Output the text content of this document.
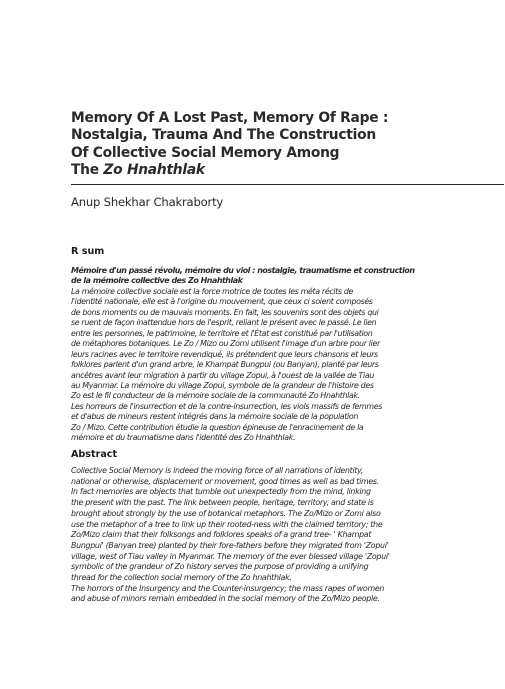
Memory Of A Lost Past, Memory Of Rape :
Nostalgia, Trauma And The Construction
Of Collective Social Memory Among
The Zo Hnahthlak
Anup Shekhar Chakraborty
R sum
Mémoire d'un passé révolu, mémoire du viol : nostalgie, traumatisme et construction
de la mémoire collective des Zo Hnahthlak
La mémoire collective sociale est la force motrice de toutes les méta récits de
l'identité nationale, elle est à l'origine du mouvement, que ceux ci soient composés
de bons moments ou de mauvais moments. En fait, les souvenirs sont des objets qui
se ruent de façon inattendue hors de l'esprit, reliant le présent avec le passé. Le lien
entre les personnes, le patrimoine, le territoire et l'État est constitué par l'utilisation
de métaphores botaniques. Le Zo / Mizo ou Zomi utilisent l'image d'un arbre pour lier
leurs racines avec le territoire revendiqué, ils prétendent que leurs chansons et leurs
folklores parlent d'un grand arbre, le Khampat Bungpui (ou Banyan), planté par leurs
ancêtres avant leur migration à partir du village Zopui, à l'ouest de la vallée de Tiau
au Myanmar. La mémoire du village Zopui, symbole de la grandeur de l'histoire des
Zo est le fil conducteur de la mémoire sociale de la communauté Zo Hnahthlak.
Les horreurs de l'insurrection et de la contre-insurrection, les viols massifs de femmes
et d'abus de mineurs restent intégrés dans la mémoire sociale de la population
Zo / Mizo. Cette contribution étudie la question épineuse de l'enracinement de la
mémoire et du traumatisme dans l'identité des Zo Hnahthlak.
Abstract
Collective Social Memory is indeed the moving force of all narrations of identity,
national or otherwise, displacement or movement, good times as well as bad times.
In fact memories are objects that tumble out unexpectedly from the mind, linking
the present with the past. The link between people, heritage, territory, and state is
brought about strongly by the use of botanical metaphors. The Zo/Mizo or Zomi also
use the metaphor of a tree to link up their rooted-ness with the claimed territory; the
Zo/Mizo claim that their folksongs and folklores speaks of a grand tree- ' Khampat
Bungpui' (Banyan tree) planted by their fore-fathers before they migrated from 'Zopui'
village, west of Tiau valley in Myanmar. The memory of the ever blessed village 'Zopui'
symbolic of the grandeur of Zo history serves the purpose of providing a unifying
thread for the collection social memory of the Zo hnahthlak.
The horrors of the Insurgency and the Counter-insurgency; the mass rapes of women
and abuse of minors remain embedded in the social memory of the Zo/Mizo people.
